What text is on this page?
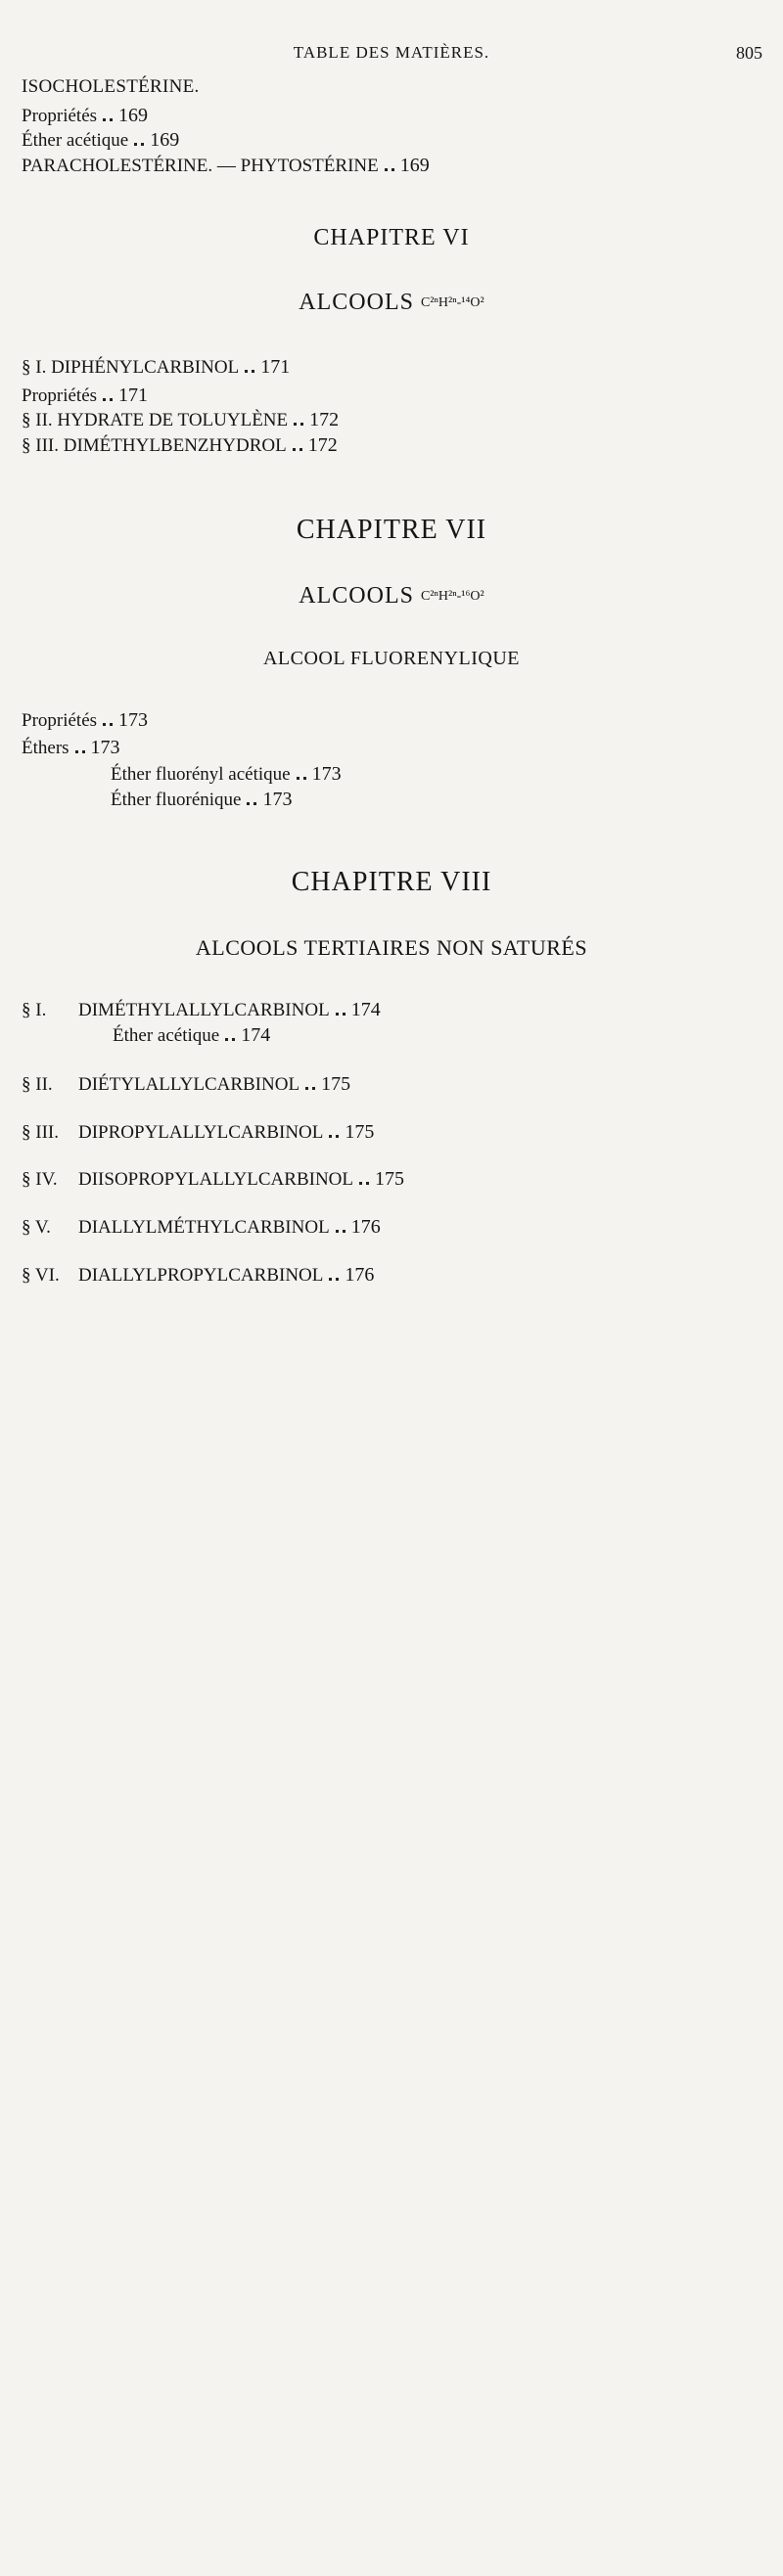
TABLE DES MATIÈRES.	805
ISOCHOLESTÉRINE.
Propriétés 169
Éther acétique 169
PARACHOLESTÉRINE. — PHYTOSTÉRINE 169
CHAPITRE VI
ALCOOLS C²ⁿH²ⁿ-¹⁴O²
§ I. DIPHÉNYLCARBINOL 171
Propriétés 171
§ II. HYDRATE DE TOLUYLÈNE 172
§ III. DIMÉTHYLBENZHYDROL 172
CHAPITRE VII
ALCOOLS C²ⁿH²ⁿ-¹⁶O²
ALCOOL FLUORENYLIQUE
Propriétés 173
Éthers 173
Éther fluorényl acétique 173
Éther fluorénique 173
CHAPITRE VIII
ALCOOLS TERTIAIRES NON SATURÉS
§ I. DIMÉTHYLALLYLCARBINOL 174
Éther acétique 174
§ II. DIÉTYLALLYLCARBINOL 175
§ III. DIPROPYLALLYLCARBINOL 175
§ IV. DIISOPROPYLALLYLCARBINOL 175
§ V. DIALLYLMÉTHYLCARBINOL 176
§ VI. DIALLYLPROPYLCARBINOL 176
